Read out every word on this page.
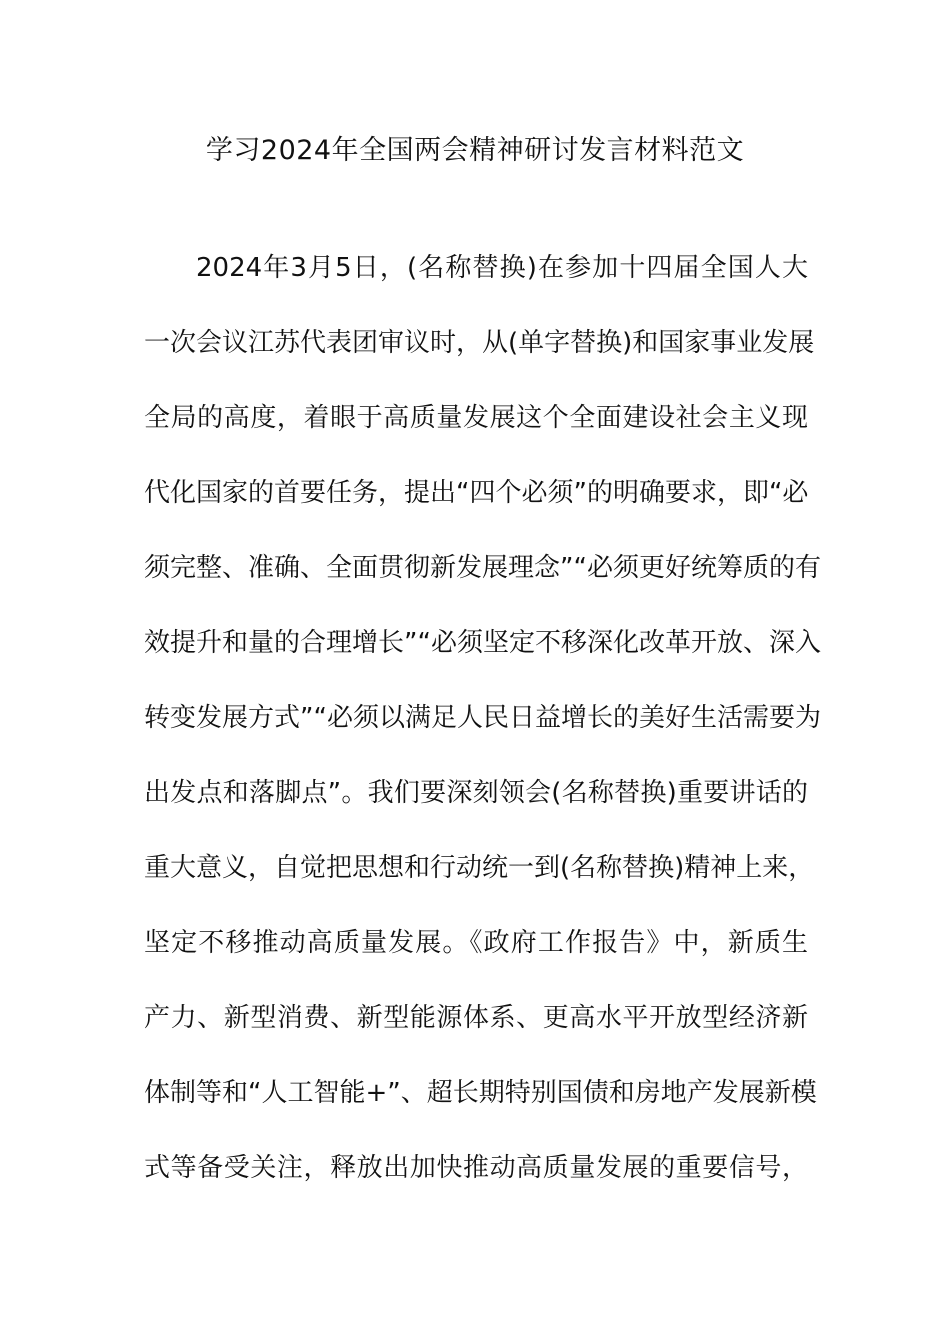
学习2024年全国两会精神研讨发言材料范文
2024年3月5日，(名称替换)在参加十四届全国人大
一次会议江苏代表团审议时，从(单字替换)和国家事业发展
全局的高度，着眼于高质量发展这个全面建设社会主义现
代化国家的首要任务，提出“四个必须”的明确要求，即“必
须完整、准确、全面贯彻新发展理念”“必须更好统筹质的有
效提升和量的合理增长”“必须坚定不移深化改革开放、深入
转变发展方式”“必须以满足人民日益增长的美好生活需要为
出发点和落脚点”。我们要深刻领会(名称替换)重要讲话的
重大意义，自觉把思想和行动统一到(名称替换)精神上来，
坚定不移推动高质量发展。《政府工作报告》中，新质生
产力、新型消费、新型能源体系、更高水平开放型经济新
体制等和“人工智能+”、超长期特别国债和房地产发展新模
式等备受关注，释放出加快推动高质量发展的重要信号，
